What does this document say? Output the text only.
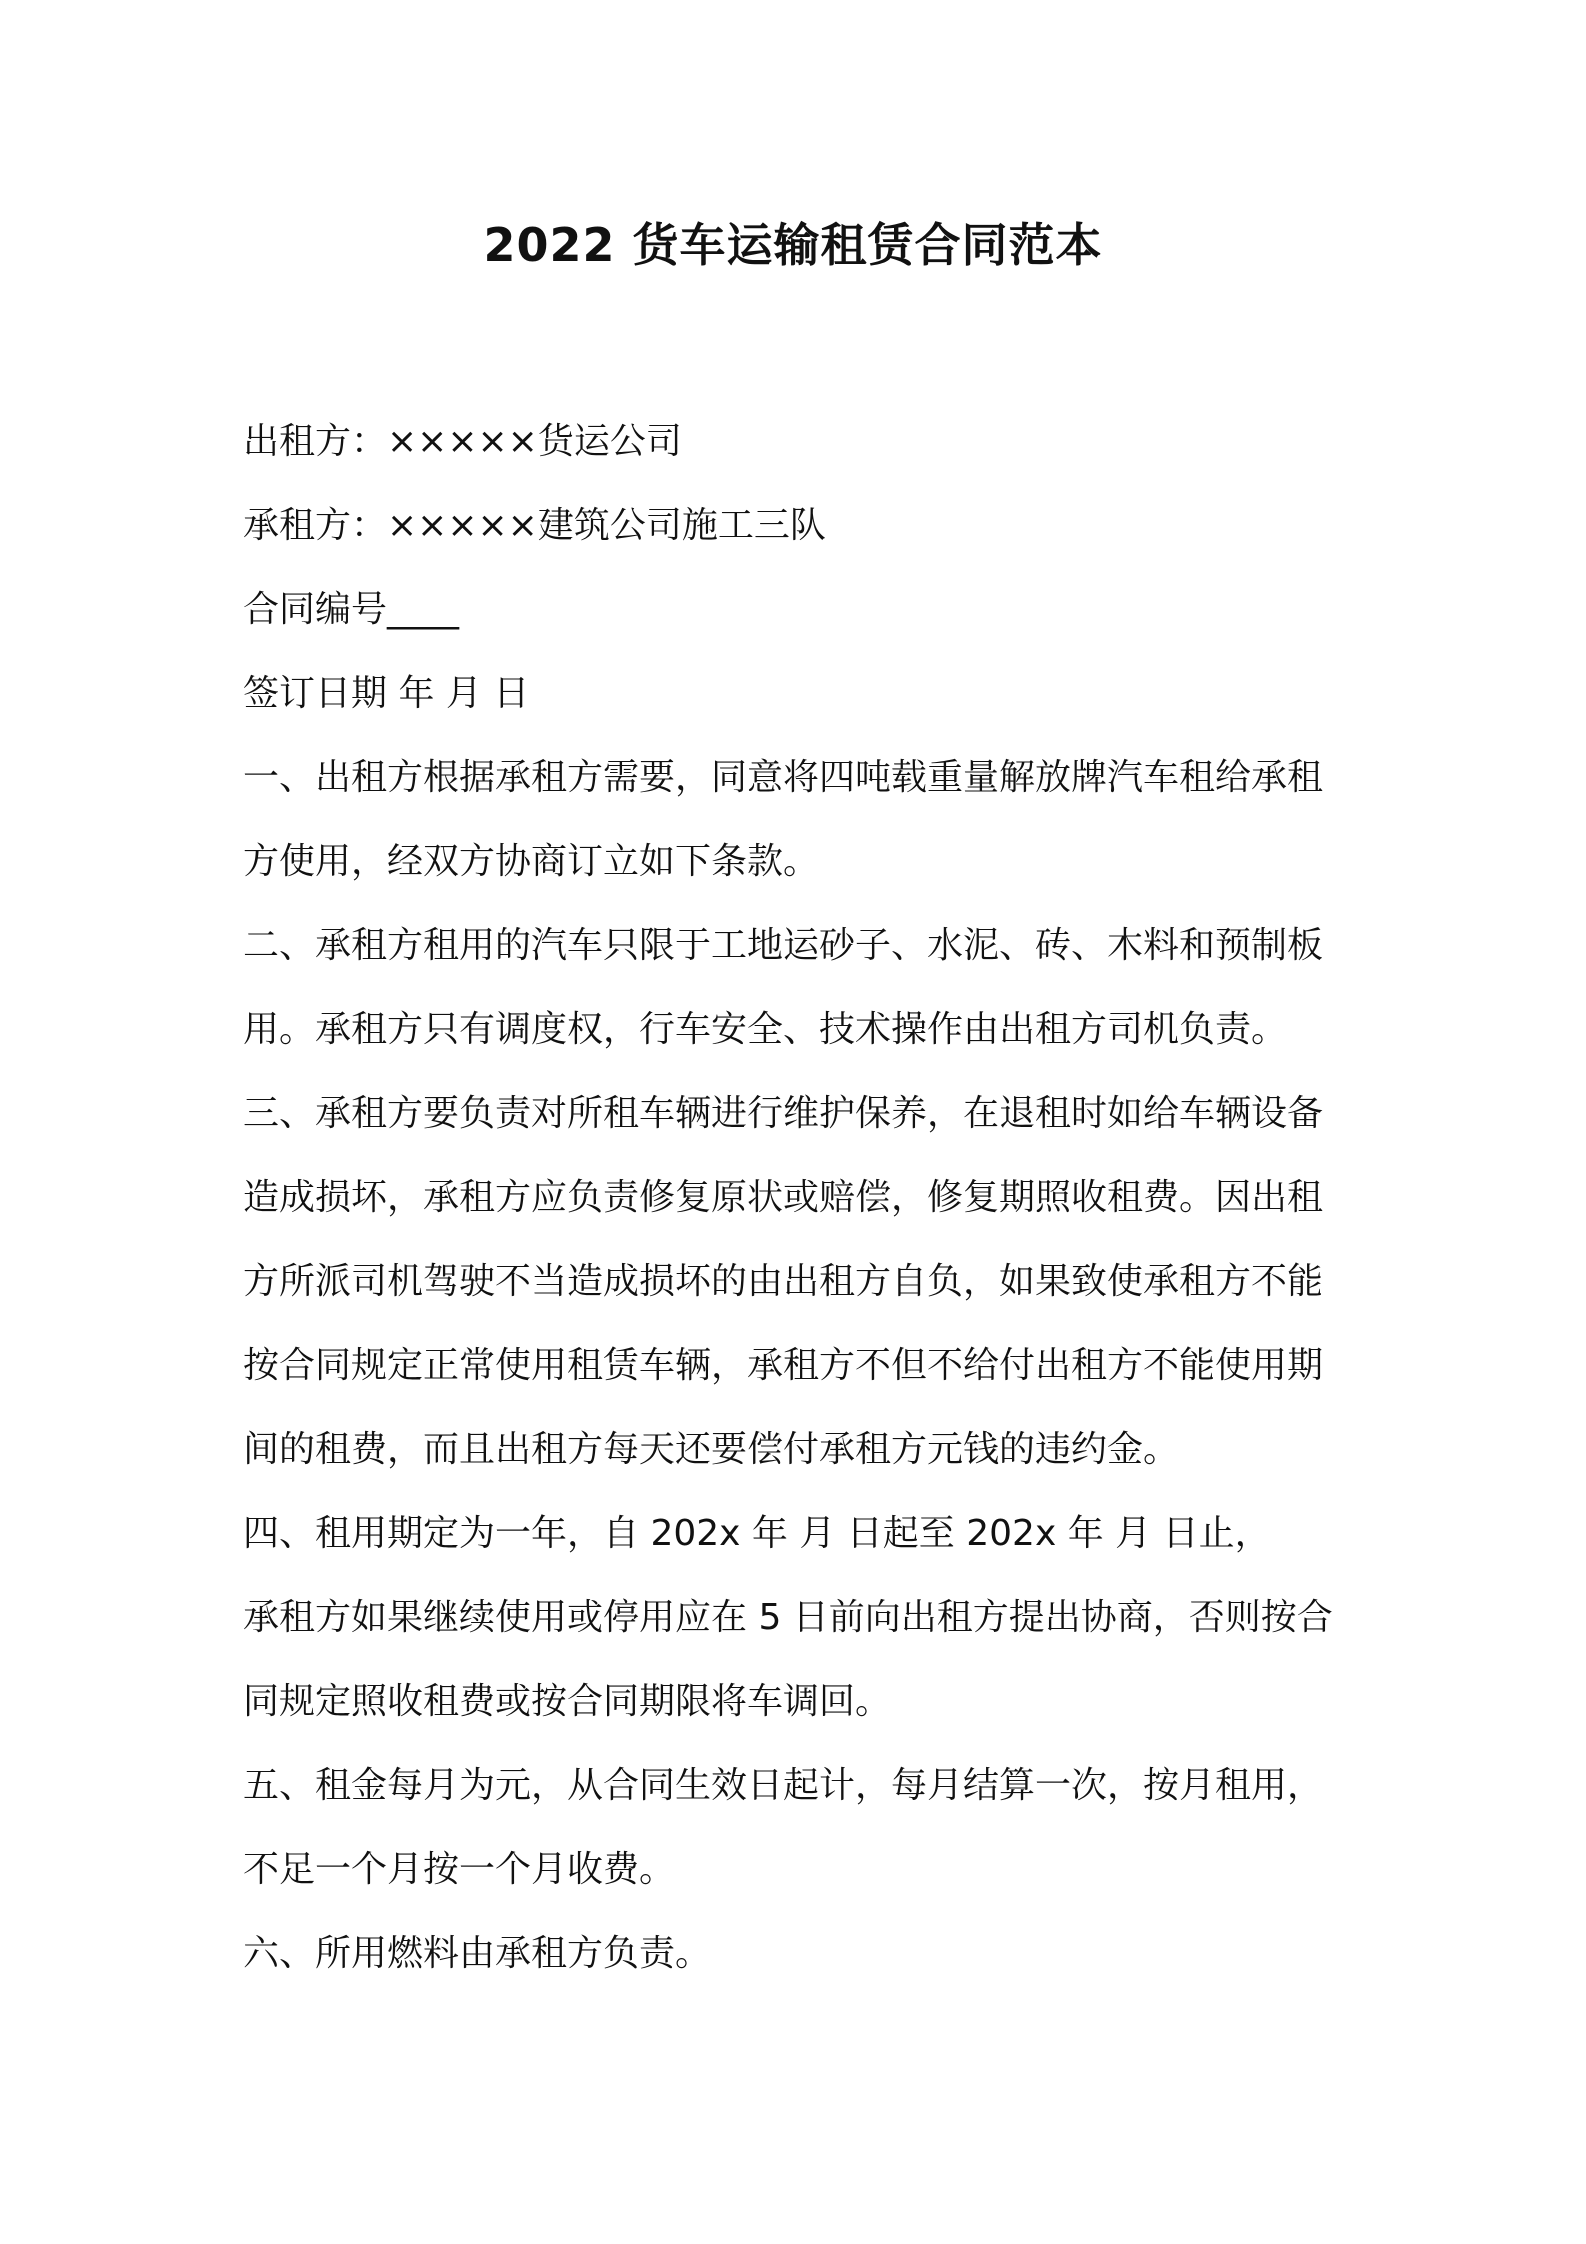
2022 货车运输租赁合同范本
出租方：×××××货运公司
承租方：×××××建筑公司施工三队
合同编号____
签订日期 年 月 日
一、出租方根据承租方需要，同意将四吨载重量解放牌汽车租给承租
方使用，经双方协商订立如下条款。
二、承租方租用的汽车只限于工地运砂子、水泥、砖、木料和预制板
用。承租方只有调度权，行车安全、技术操作由出租方司机负责。
三、承租方要负责对所租车辆进行维护保养，在退租时如给车辆设备
造成损坏，承租方应负责修复原状或赔偿，修复期照收租费。因出租
方所派司机驾驶不当造成损坏的由出租方自负，如果致使承租方不能
按合同规定正常使用租赁车辆，承租方不但不给付出租方不能使用期
间的租费，而且出租方每天还要偿付承租方元钱的违约金。
四、租用期定为一年，自 202x 年 月 日起至 202x 年 月 日止，
承租方如果继续使用或停用应在 5 日前向出租方提出协商，否则按合
同规定照收租费或按合同期限将车调回。
五、租金每月为元，从合同生效日起计，每月结算一次，按月租用，
不足一个月按一个月收费。
六、所用燃料由承租方负责。
